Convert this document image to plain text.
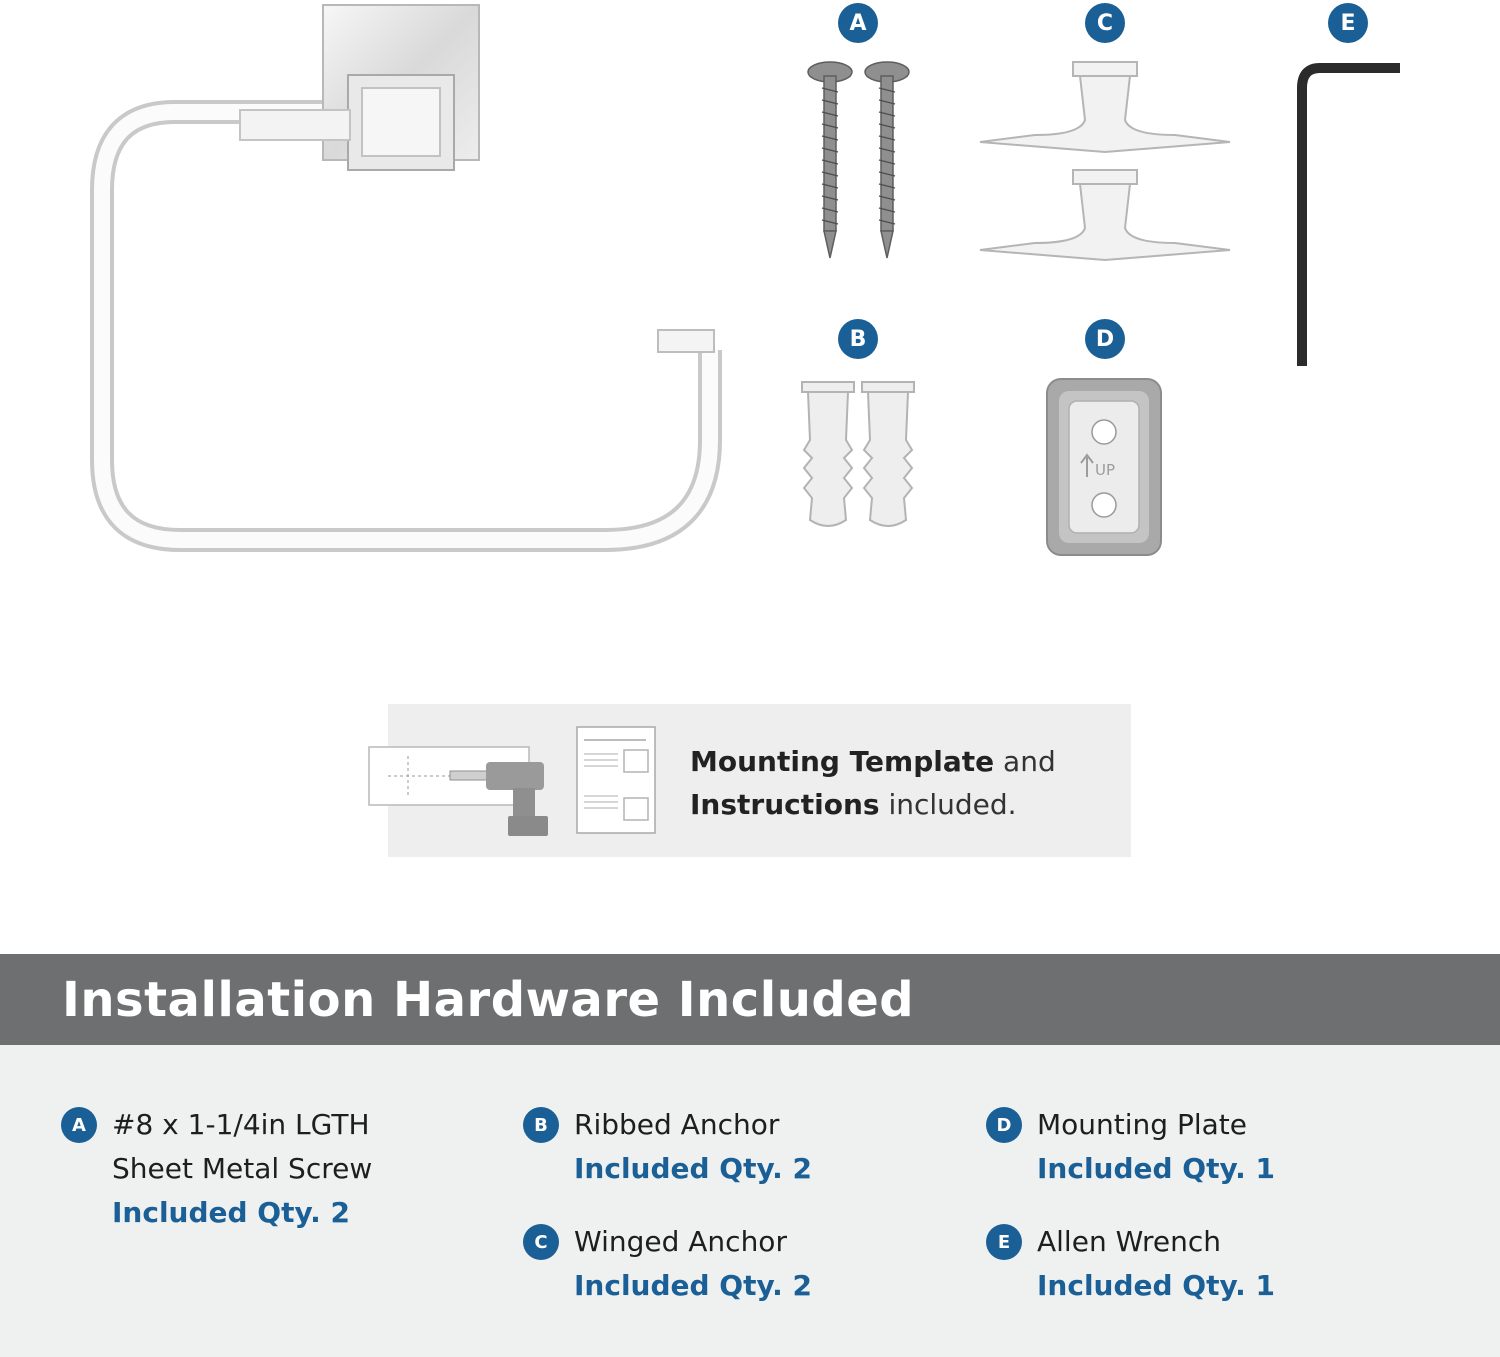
A	C	E
B	D
UP
Mounting Template and
Instructions included.
Installation Hardware Included
A #8 x 1-1/4in LGTH
Sheet Metal Screw
Included Qty. 2
B Ribbed Anchor
Included Qty. 2
C Winged Anchor
Included Qty. 2
D Mounting Plate
Included Qty. 1
E Allen Wrench
Included Qty. 1
